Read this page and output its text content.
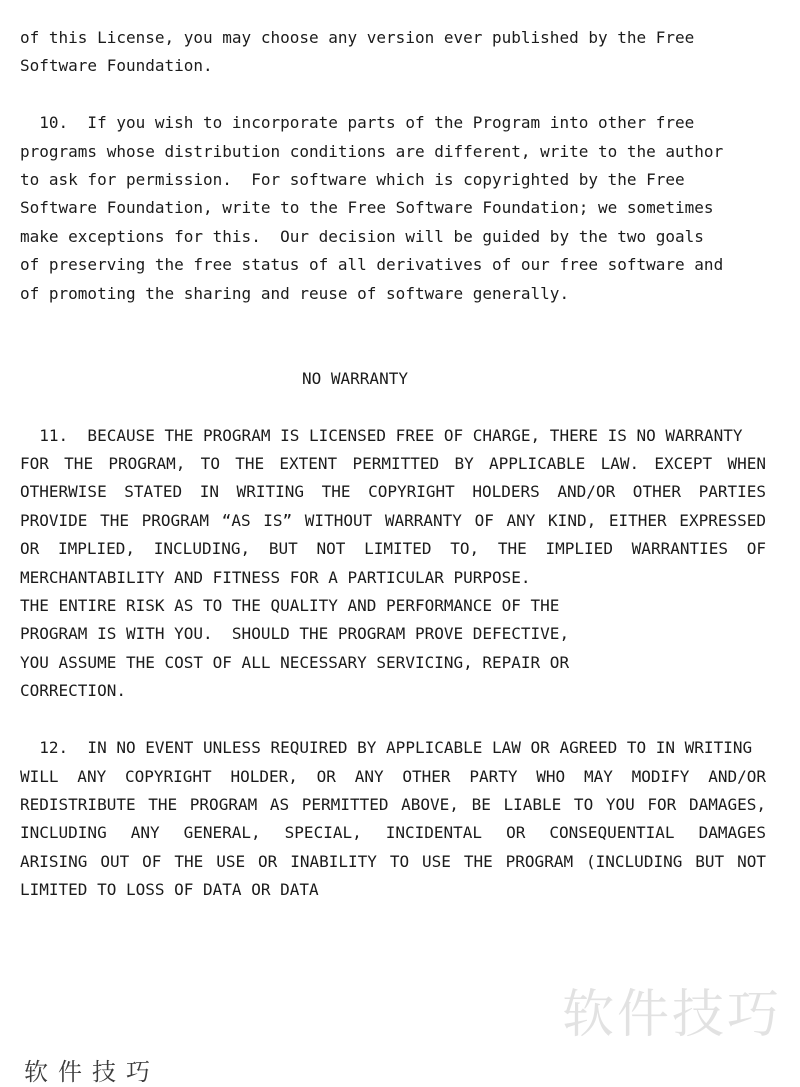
of this License, you may choose any version ever published by the Free
Software Foundation.
10.  If you wish to incorporate parts of the Program into other free
programs whose distribution conditions are different, write to the author
to ask for permission.  For software which is copyrighted by the Free
Software Foundation, write to the Free Software Foundation; we sometimes
make exceptions for this.  Our decision will be guided by the two goals
of preserving the free status of all derivatives of our free software and
of promoting the sharing and reuse of software generally.
NO WARRANTY
11.  BECAUSE THE PROGRAM IS LICENSED FREE OF CHARGE, THERE IS NO WARRANTY
FOR THE PROGRAM, TO THE EXTENT PERMITTED BY APPLICABLE LAW. EXCEPT WHEN
OTHERWISE STATED IN WRITING THE COPYRIGHT HOLDERS AND/OR OTHER PARTIES
PROVIDE THE PROGRAM “AS IS” WITHOUT WARRANTY OF ANY KIND, EITHER EXPRESSED
OR IMPLIED, INCLUDING, BUT NOT LIMITED TO, THE IMPLIED WARRANTIES OF
MERCHANTABILITY AND FITNESS FOR A PARTICULAR PURPOSE.
THE ENTIRE RISK AS TO THE QUALITY AND PERFORMANCE OF THE
PROGRAM IS WITH YOU.  SHOULD THE PROGRAM PROVE DEFECTIVE,
YOU ASSUME THE COST OF ALL NECESSARY SERVICING, REPAIR OR
CORRECTION.
12.  IN NO EVENT UNLESS REQUIRED BY APPLICABLE LAW OR AGREED TO IN WRITING
WILL ANY COPYRIGHT HOLDER, OR ANY OTHER PARTY WHO MAY MODIFY AND/OR
REDISTRIBUTE THE PROGRAM AS PERMITTED ABOVE, BE LIABLE TO YOU FOR DAMAGES,
INCLUDING ANY GENERAL, SPECIAL, INCIDENTAL OR CONSEQUENTIAL DAMAGES
ARISING OUT OF THE USE OR INABILITY TO USE THE PROGRAM (INCLUDING BUT NOT
LIMITED TO LOSS OF DATA OR DATA
软件技巧
软件技巧
